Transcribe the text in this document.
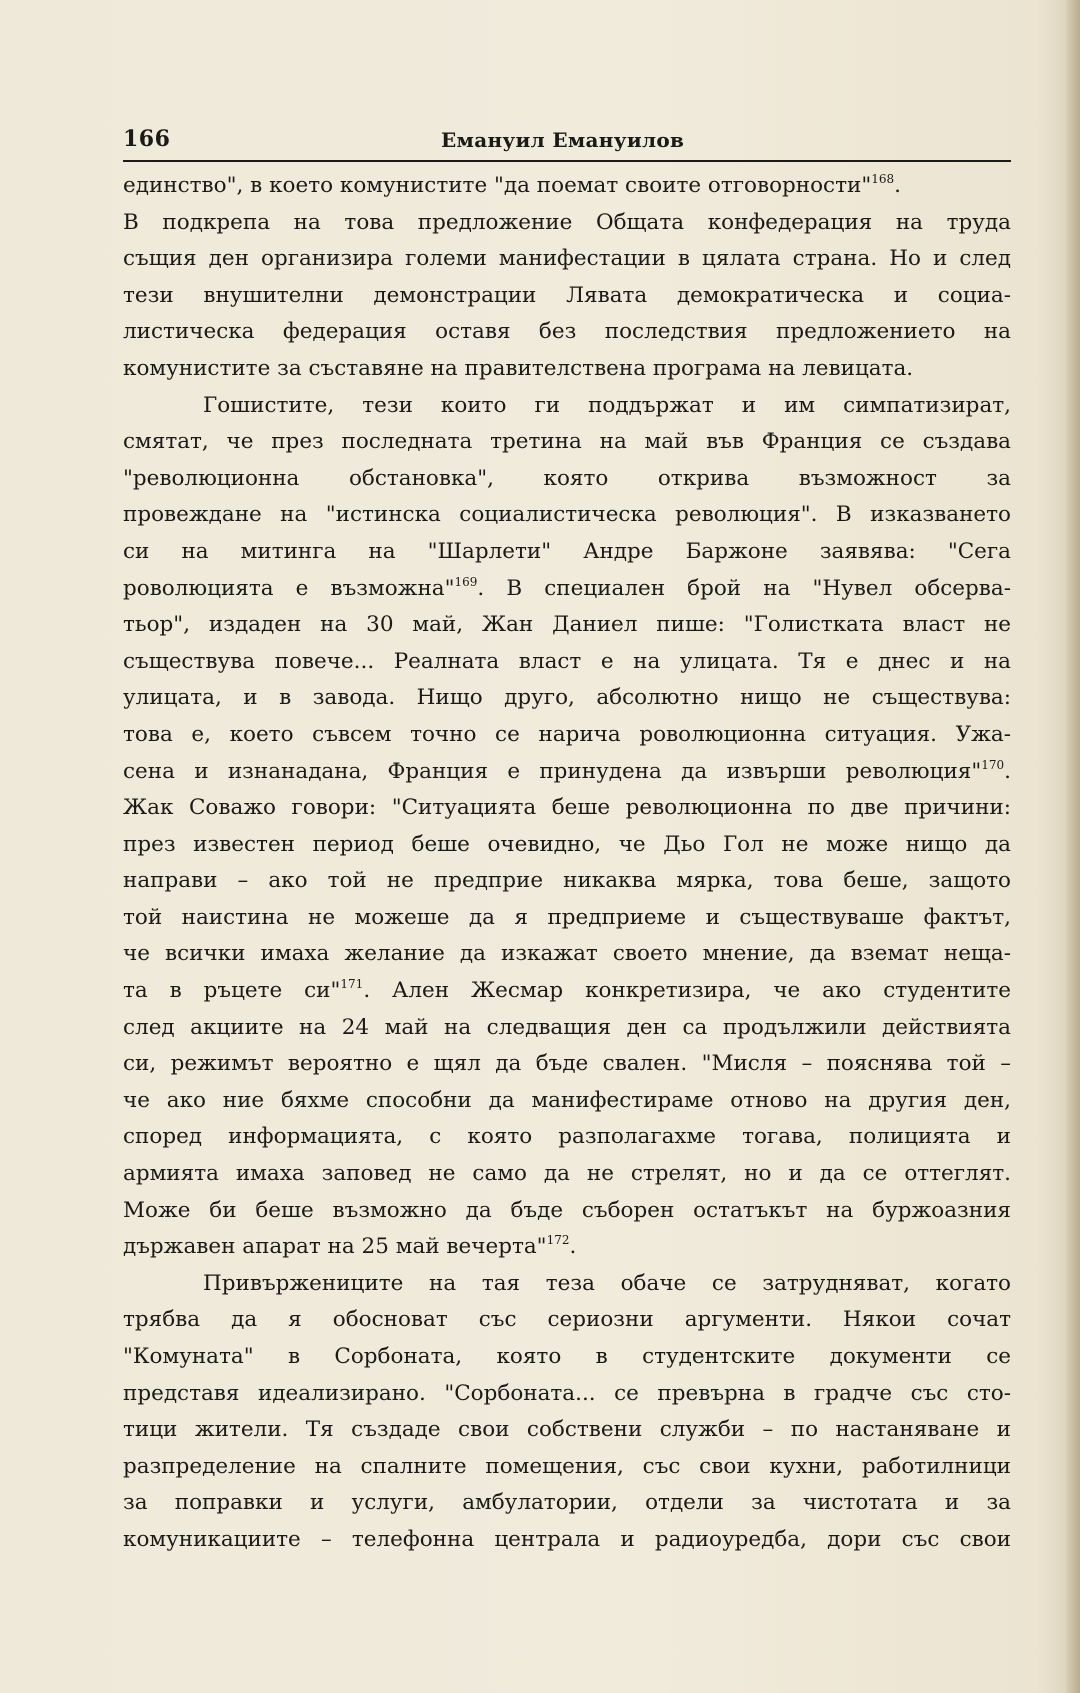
166	Емануил Емануилов
единство", в което комунистите "да поемат своите отговорности"$^{168}$.
В подкрепа на това предложение Общата конфедерация на труда
същия ден организира големи манифестации в цялата страна. Но и след
тези внушителни демонстрации Лявата демократическа и социа-
листическа федерация оставя без последствия предложението на
комунистите за съставяне на правителствена програма на левицата.
Гошистите, тези които ги поддържат и им симпатизират,
смятат, че през последната третина на май във Франция се създава
"революционна обстановка", която открива възможност за
провеждане на "истинска социалистическа революция". В изказването
си на митинга на "Шарлети" Андре Баржоне заявява: "Сега
роволюцията е възможна"$^{169}$. В специален брой на "Нувел обсерва-
тьор", издаден на 30 май, Жан Даниел пише: "Голистката власт не
съществува повече... Реалната власт е на улицата. Тя е днес и на
улицата, и в завода. Нищо друго, абсолютно нищо не съществува:
това е, което съвсем точно се нарича роволюционна ситуация. Ужа-
сена и изнанадана, Франция е принудена да извърши революция"$^{170}$.
Жак Соважо говори: "Ситуацията беше революционна по две причини:
през известен период беше очевидно, че Дьо Гол не може нищо да
направи – ако той не предприе никаква мярка, това беше, защото
той наистина не можеше да я предприеме и съществуваше фактът,
че всички имаха желание да изкажат своето мнение, да вземат неща-
та в ръцете си"$^{171}$. Ален Жесмар конкретизира, че ако студентите
след акциите на 24 май на следващия ден са продължили действията
си, режимът вероятно е щял да бъде свален. "Мисля – пояснява той –
че ако ние бяхме способни да манифестираме отново на другия ден,
според информацията, с която разполагахме тогава, полицията и
армията имаха заповед не само да не стрелят, но и да се оттеглят.
Може би беше възможно да бъде съборен остатъкът на буржоазния
държавен апарат на 25 май вечерта"$^{172}$.
Привържениците на тая теза обаче се затрудняват, когато
трябва да я обосноват със сериозни аргументи. Някои сочат
"Комуната" в Сорбоната, която в студентските документи се
представя идеализирано. "Сорбоната... се превърна в градче със сто-
тици жители. Тя създаде свои собствени служби – по настаняване и
разпределение на спалните помещения, със свои кухни, работилници
за поправки и услуги, амбулатории, отдели за чистотата и за
комуникациите – телефонна централа и радиоуредба, дори със свои
